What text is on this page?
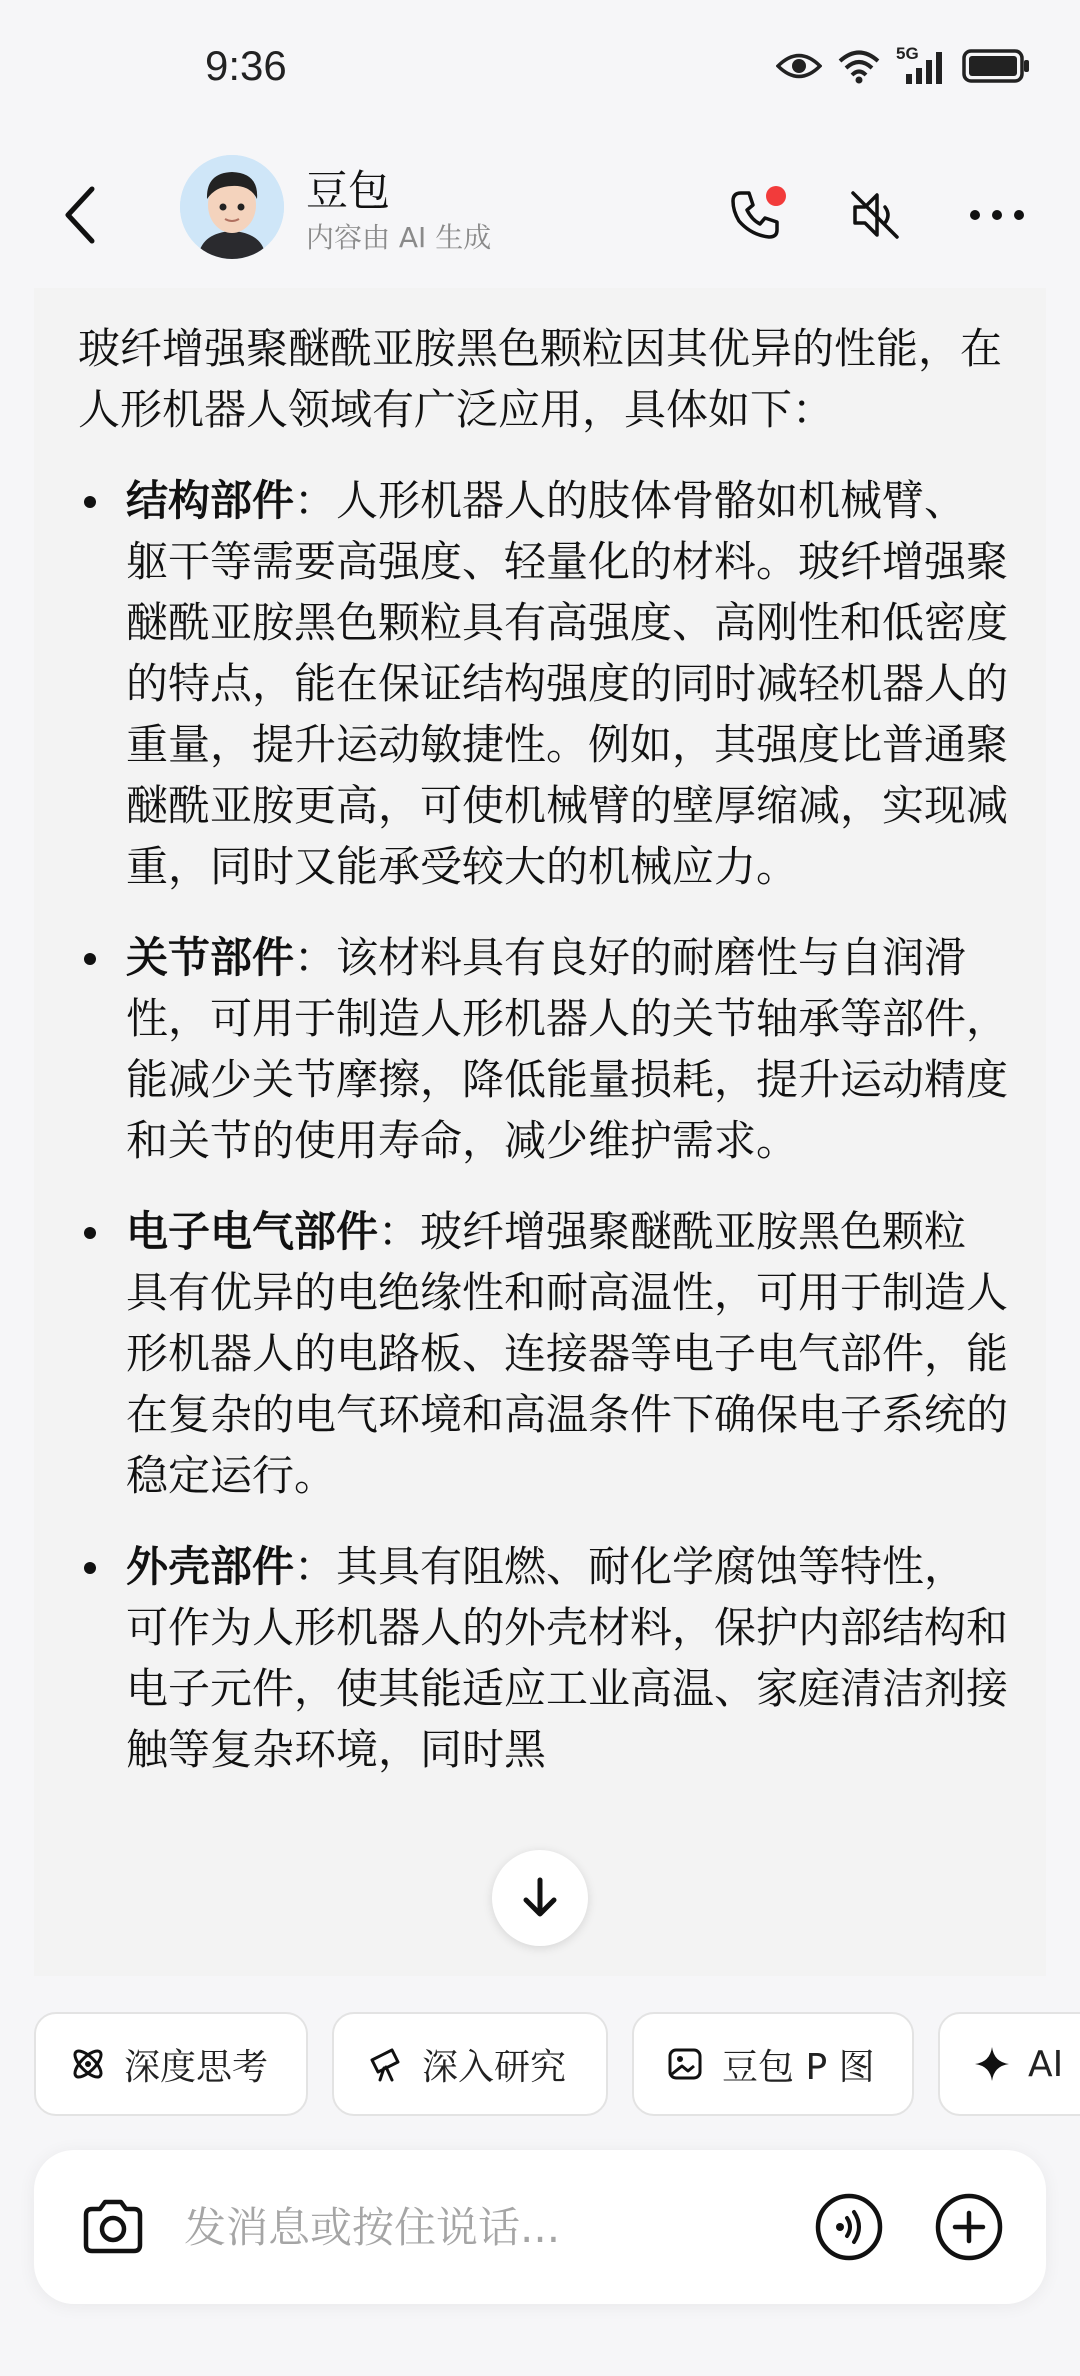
9:36	5G
豆包
内容由 AI 生成

玻纤增强聚醚酰亚胺黑色颗粒因其优异的性能，在人形机器人领域有广泛应用，具体如下：

结构部件：人形机器人的肢体骨骼如机械臂、躯干等需要高强度、轻量化的材料。玻纤增强聚醚酰亚胺黑色颗粒具有高强度、高刚性和低密度的特点，能在保证结构强度的同时减轻机器人的重量，提升运动敏捷性。例如，其强度比普通聚醚酰亚胺更高，可使机械臂的壁厚缩减，实现减重，同时又能承受较大的机械应力。
关节部件：该材料具有良好的耐磨性与自润滑性，可用于制造人形机器人的关节轴承等部件，能减少关节摩擦，降低能量损耗，提升运动精度和关节的使用寿命，减少维护需求。
电子电气部件：玻纤增强聚醚酰亚胺黑色颗粒具有优异的电绝缘性和耐高温性，可用于制造人形机器人的电路板、连接器等电子电气部件，能在复杂的电气环境和高温条件下确保电子系统的稳定运行。
外壳部件：其具有阻燃、耐化学腐蚀等特性，可作为人形机器人的外壳材料，保护内部结构和电子元件，使其能适应工业高温、家庭清洁剂接触等复杂环境，同时黑
深度思考	深入研究	豆包 P 图	AI
发消息或按住说话...
